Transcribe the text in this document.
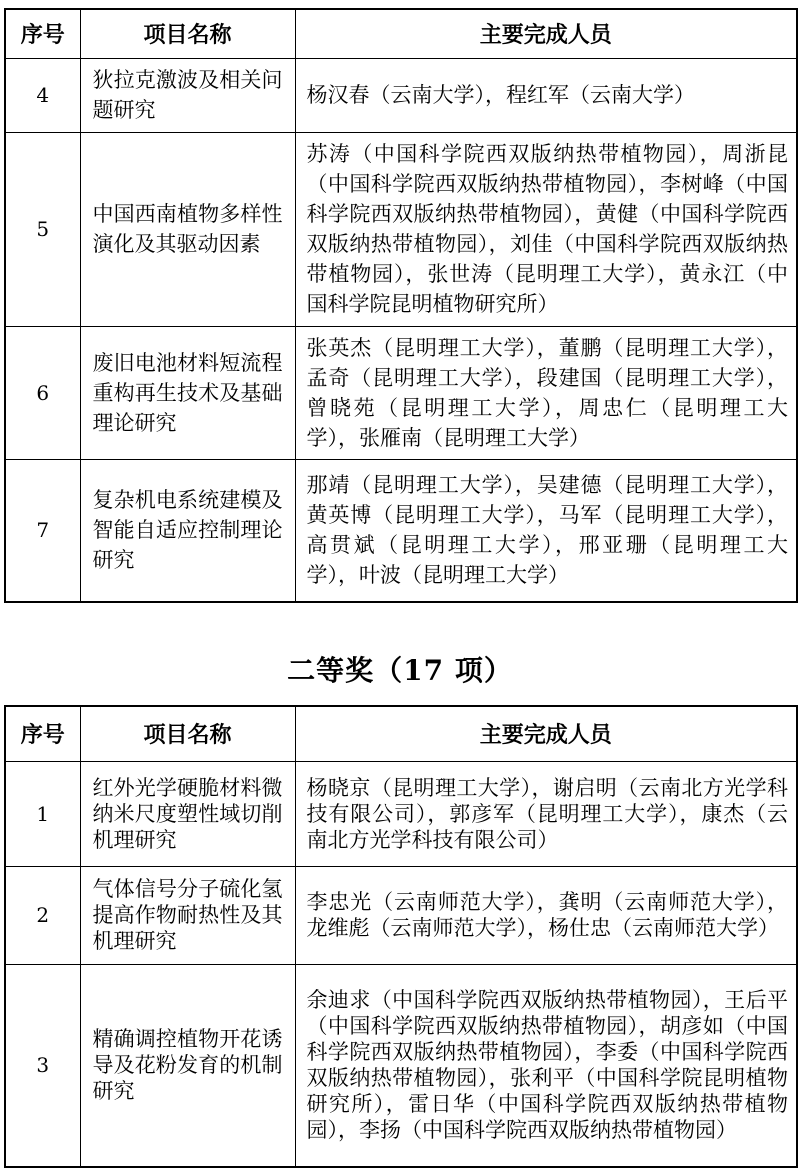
序号	项目名称	主要完成人员
4	狄拉克激波及相关问题研究	杨汉春（云南大学），程红军（云南大学）
5	中国西南植物多样性演化及其驱动因素	苏涛（中国科学院西双版纳热带植物园），周浙昆（中国科学院西双版纳热带植物园），李树峰（中国科学院西双版纳热带植物园），黄健（中国科学院西双版纳热带植物园），刘佳（中国科学院西双版纳热带植物园），张世涛（昆明理工大学），黄永江（中国科学院昆明植物研究所）
6	废旧电池材料短流程重构再生技术及基础理论研究	张英杰（昆明理工大学），董鹏（昆明理工大学），孟奇（昆明理工大学），段建国（昆明理工大学），曾晓苑（昆明理工大学），周忠仁（昆明理工大学），张雁南（昆明理工大学）
7	复杂机电系统建模及智能自适应控制理论研究	那靖（昆明理工大学），吴建德（昆明理工大学），黄英博（昆明理工大学），马军（昆明理工大学），高贯斌（昆明理工大学），邢亚珊（昆明理工大学），叶波（昆明理工大学）
二等奖（17 项）
序号	项目名称	主要完成人员
1	红外光学硬脆材料微纳米尺度塑性域切削机理研究	杨晓京（昆明理工大学），谢启明（云南北方光学科技有限公司），郭彦军（昆明理工大学），康杰（云南北方光学科技有限公司）
2	气体信号分子硫化氢提高作物耐热性及其机理研究	李忠光（云南师范大学），龚明（云南师范大学），龙维彪（云南师范大学），杨仕忠（云南师范大学）
3	精确调控植物开花诱导及花粉发育的机制研究	余迪求（中国科学院西双版纳热带植物园），王后平（中国科学院西双版纳热带植物园），胡彦如（中国科学院西双版纳热带植物园），李委（中国科学院西双版纳热带植物园），张利平（中国科学院昆明植物研究所），雷日华（中国科学院西双版纳热带植物园），李扬（中国科学院西双版纳热带植物园）
